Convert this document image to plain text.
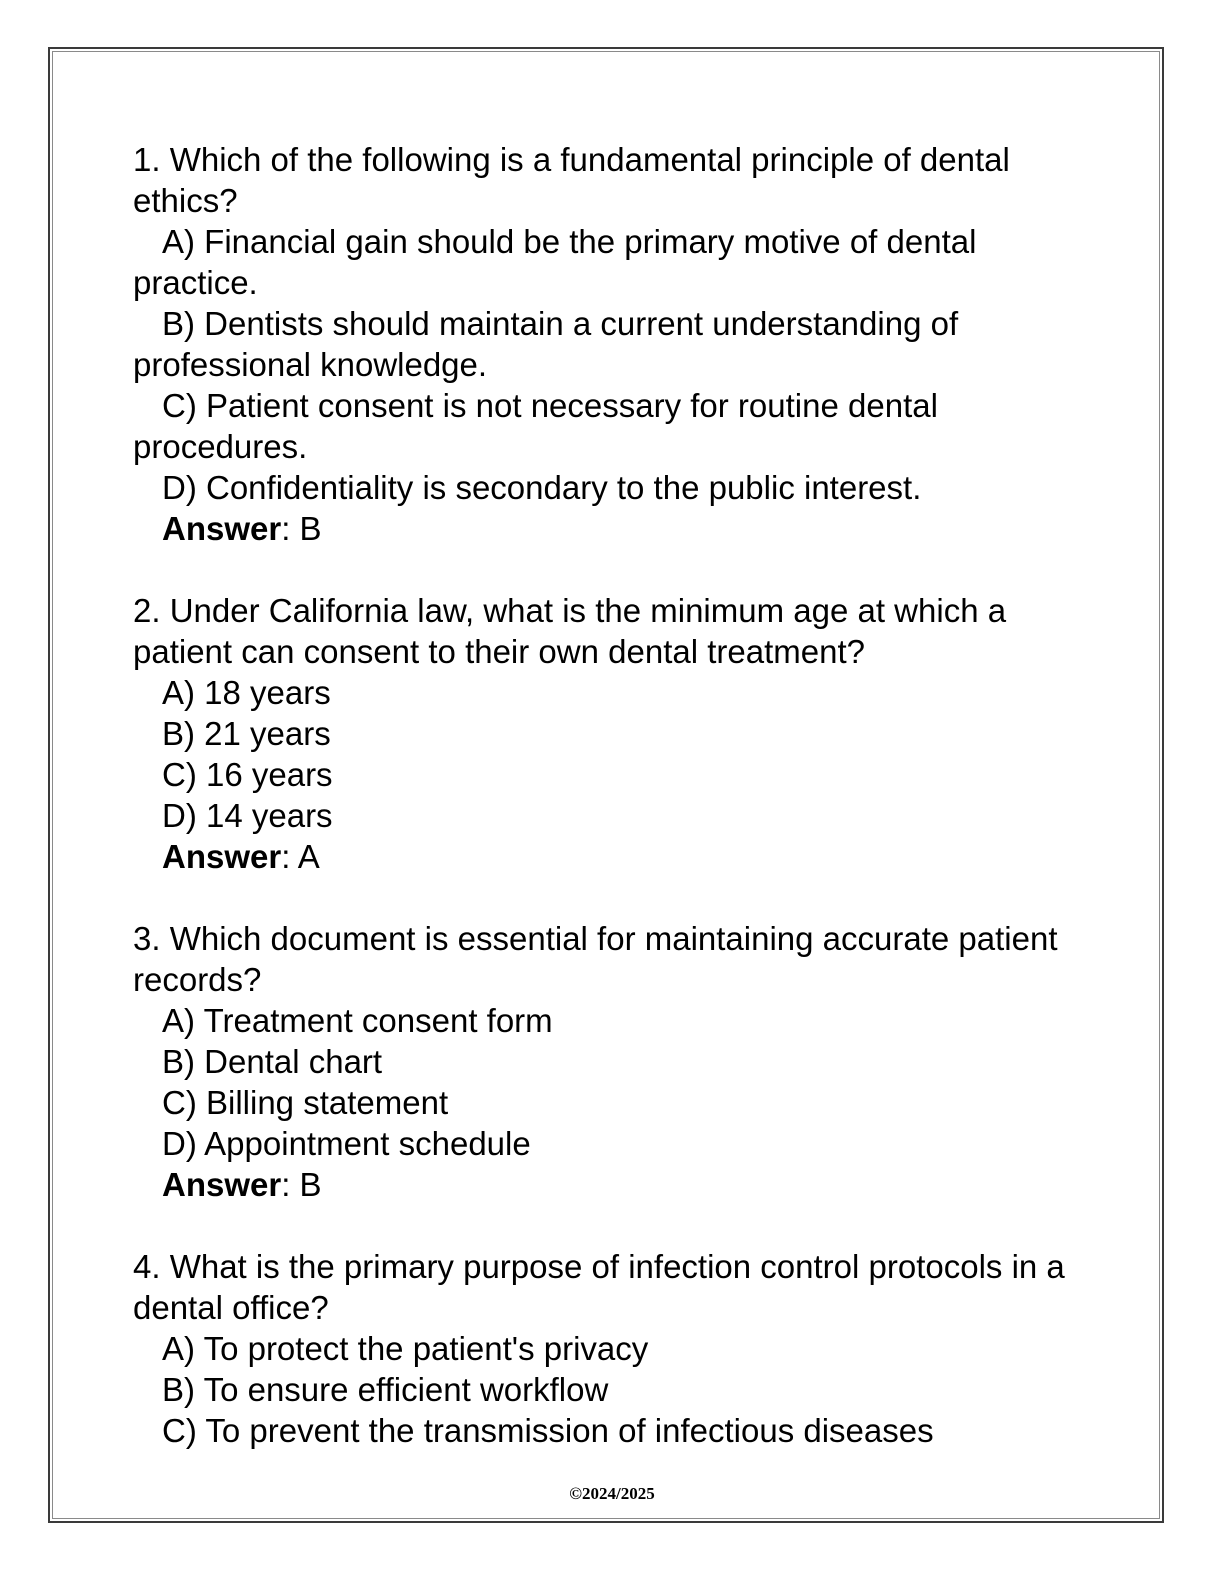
1. Which of the following is a fundamental principle of dental ethics?

A) Financial gain should be the primary motive of dental practice.

B) Dentists should maintain a current understanding of professional knowledge.

C) Patient consent is not necessary for routine dental procedures.

D) Confidentiality is secondary to the public interest.

Answer: B

2. Under California law, what is the minimum age at which a patient can consent to their own dental treatment?

A) 18 years

B) 21 years

C) 16 years

D) 14 years

Answer: A

3. Which document is essential for maintaining accurate patient records?

A) Treatment consent form

B) Dental chart

C) Billing statement

D) Appointment schedule

Answer: B

4. What is the primary purpose of infection control protocols in a dental office?

A) To protect the patient's privacy

B) To ensure efficient workflow

C) To prevent the transmission of infectious diseases

©2024/2025
